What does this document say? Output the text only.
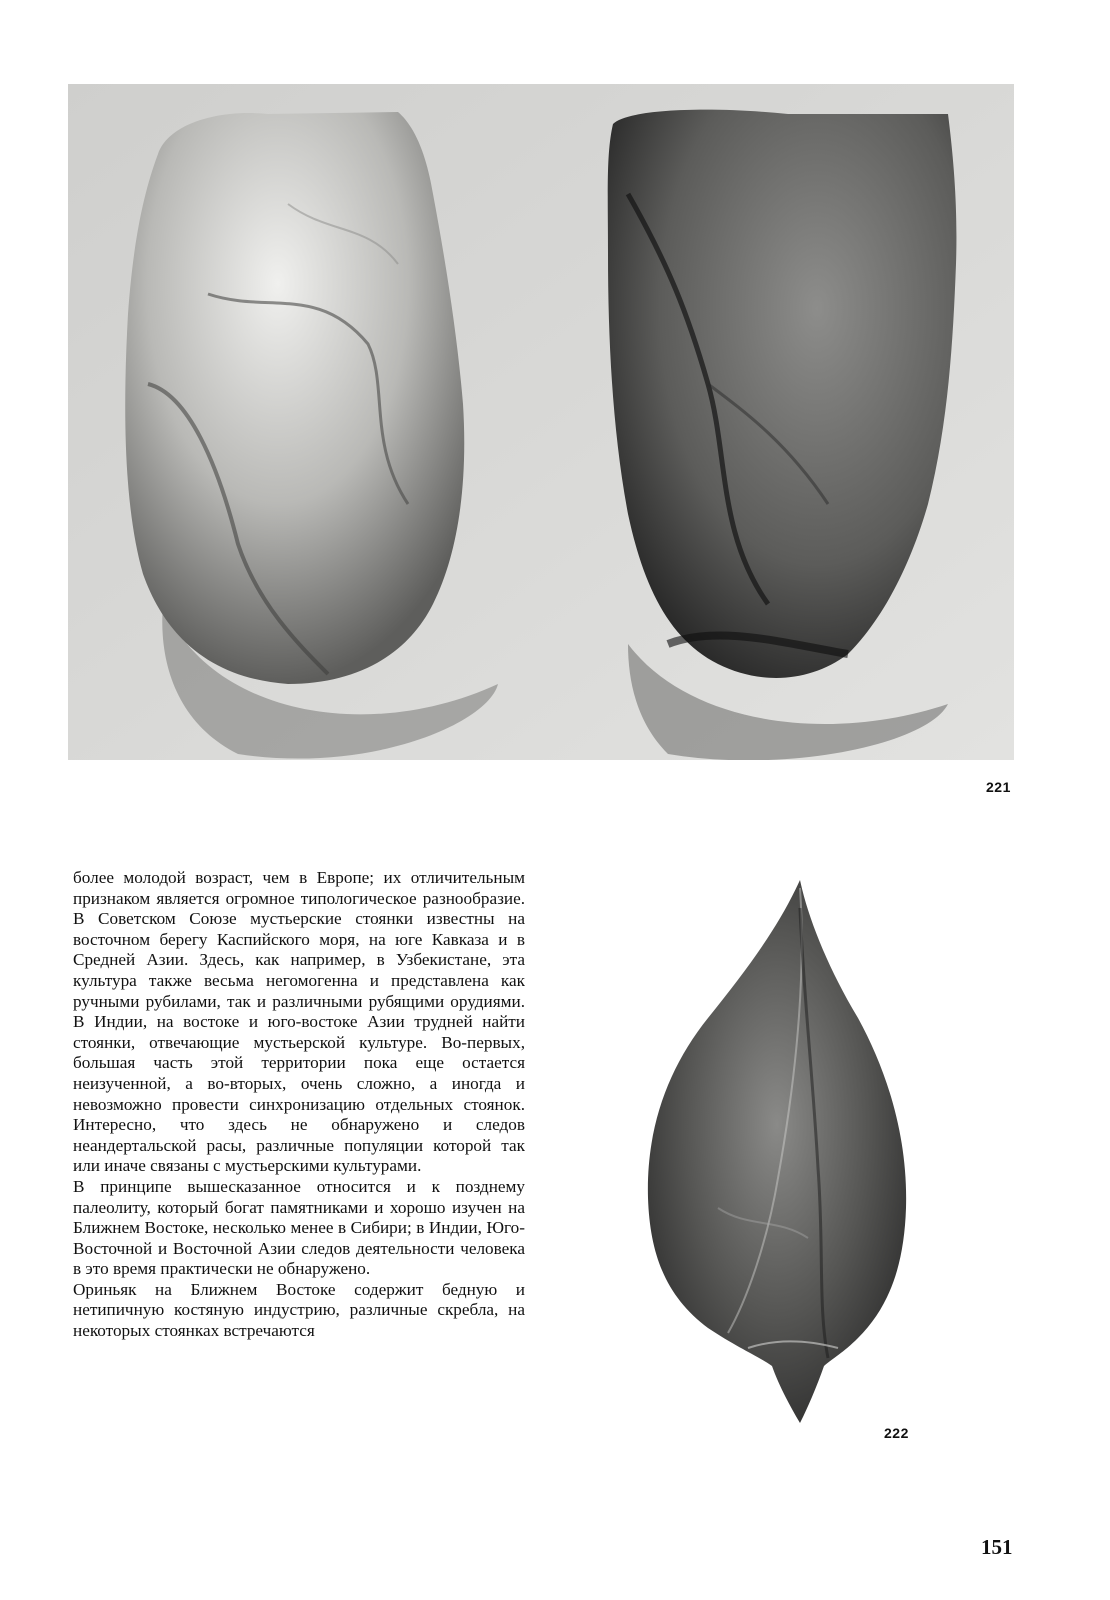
221

более молодой возраст, чем в Европе; их отличительным признаком является огромное типологическое разнообразие. В Советском Союзе мустьерские стоянки известны на восточном берегу Каспийского моря, на юге Кавказа и в Средней Азии. Здесь, как например, в Узбекистане, эта культура также весьма негомогенна и представлена как ручными рубилами, так и различными рубящими орудиями. В Индии, на востоке и юго-востоке Азии трудней найти стоянки, отвечающие мустьерской культуре. Во-первых, большая часть этой территории пока еще остается неизученной, а во-вторых, очень сложно, а иногда и невозможно провести синхронизацию отдельных стоянок. Интересно, что здесь не обнаружено и следов неандертальской расы, различные популяции которой так или иначе связаны с мустьерскими культурами.

В принципе вышесказанное относится и к позднему палеолиту, который богат памятниками и хорошо изучен на Ближнем Востоке, несколько менее в Сибири; в Индии, Юго-Восточной и Восточной Азии следов деятельности человека в это время практически не обнаружено.

Ориньяк на Ближнем Востоке содержит бедную и нетипичную костяную индустрию, различные скребла, на некоторых стоянках встречаются

222
151
